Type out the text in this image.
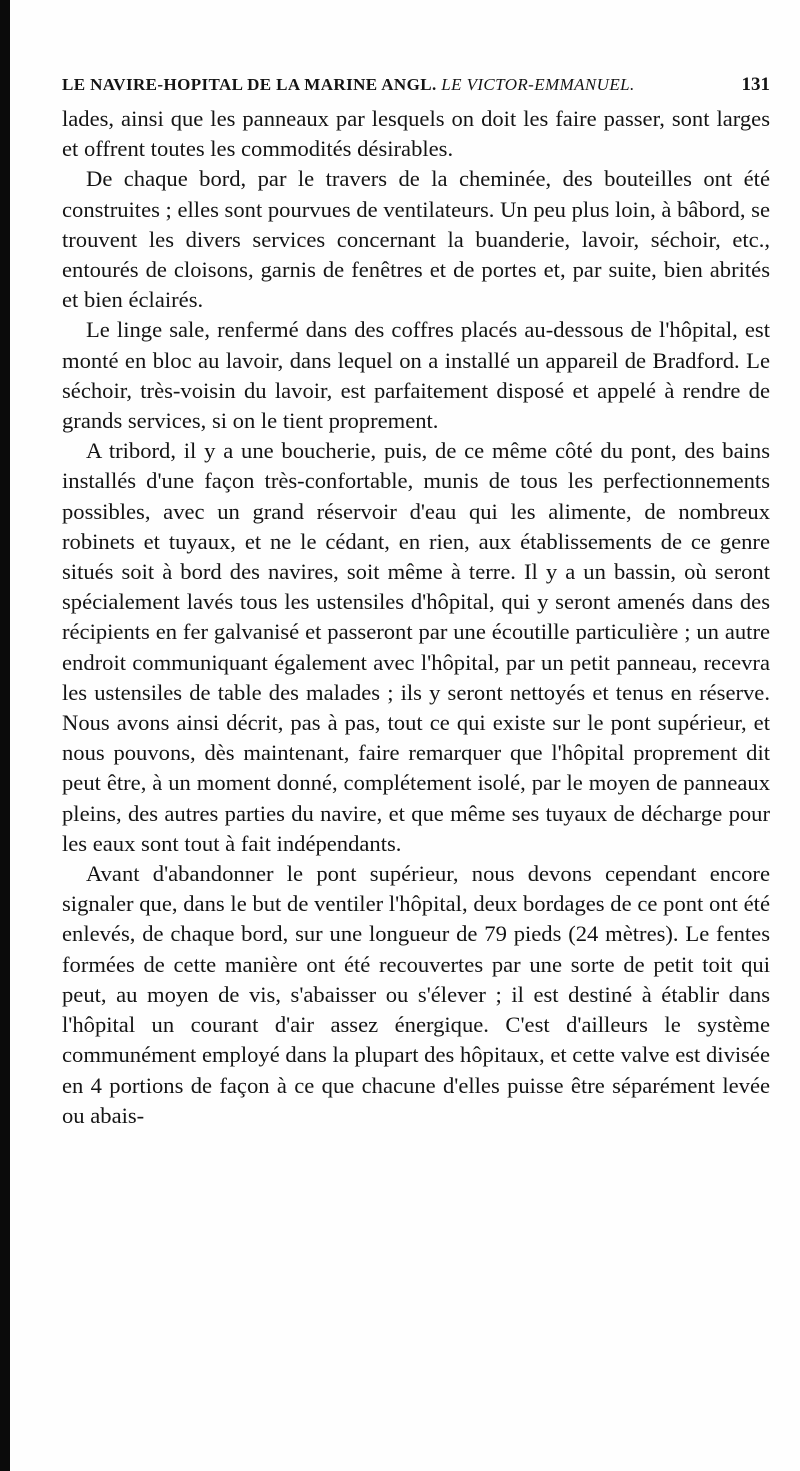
LE NAVIRE-HOPITAL DE LA MARINE ANGL. LE VICTOR-EMMANUEL.	131

lades, ainsi que les panneaux par lesquels on doit les faire passer, sont larges et offrent toutes les commodités désirables.

De chaque bord, par le travers de la cheminée, des bouteilles ont été construites ; elles sont pourvues de ventilateurs. Un peu plus loin, à bâbord, se trouvent les divers services concernant la buanderie, lavoir, séchoir, etc., entourés de cloisons, garnis de fenêtres et de portes et, par suite, bien abrités et bien éclairés.

Le linge sale, renfermé dans des coffres placés au-dessous de l'hôpital, est monté en bloc au lavoir, dans lequel on a installé un appareil de Bradford. Le séchoir, très-voisin du lavoir, est parfaitement disposé et appelé à rendre de grands services, si on le tient proprement.

A tribord, il y a une boucherie, puis, de ce même côté du pont, des bains installés d'une façon très-confortable, munis de tous les perfectionnements possibles, avec un grand réservoir d'eau qui les alimente, de nombreux robinets et tuyaux, et ne le cédant, en rien, aux établissements de ce genre situés soit à bord des navires, soit même à terre. Il y a un bassin, où seront spécialement lavés tous les ustensiles d'hôpital, qui y seront amenés dans des récipients en fer galvanisé et passeront par une écoutille particulière ; un autre endroit communiquant également avec l'hôpital, par un petit panneau, recevra les ustensiles de table des malades ; ils y seront nettoyés et tenus en réserve. Nous avons ainsi décrit, pas à pas, tout ce qui existe sur le pont supérieur, et nous pouvons, dès maintenant, faire remarquer que l'hôpital proprement dit peut être, à un moment donné, complétement isolé, par le moyen de panneaux pleins, des autres parties du navire, et que même ses tuyaux de décharge pour les eaux sont tout à fait indépendants.

Avant d'abandonner le pont supérieur, nous devons cependant encore signaler que, dans le but de ventiler l'hôpital, deux bordages de ce pont ont été enlevés, de chaque bord, sur une longueur de 79 pieds (24 mètres). Le fentes formées de cette manière ont été recouvertes par une sorte de petit toit qui peut, au moyen de vis, s'abaisser ou s'élever ; il est destiné à établir dans l'hôpital un courant d'air assez énergique. C'est d'ailleurs le système communément employé dans la plupart des hôpitaux, et cette valve est divisée en 4 portions de façon à ce que chacune d'elles puisse être séparément levée ou abais-
